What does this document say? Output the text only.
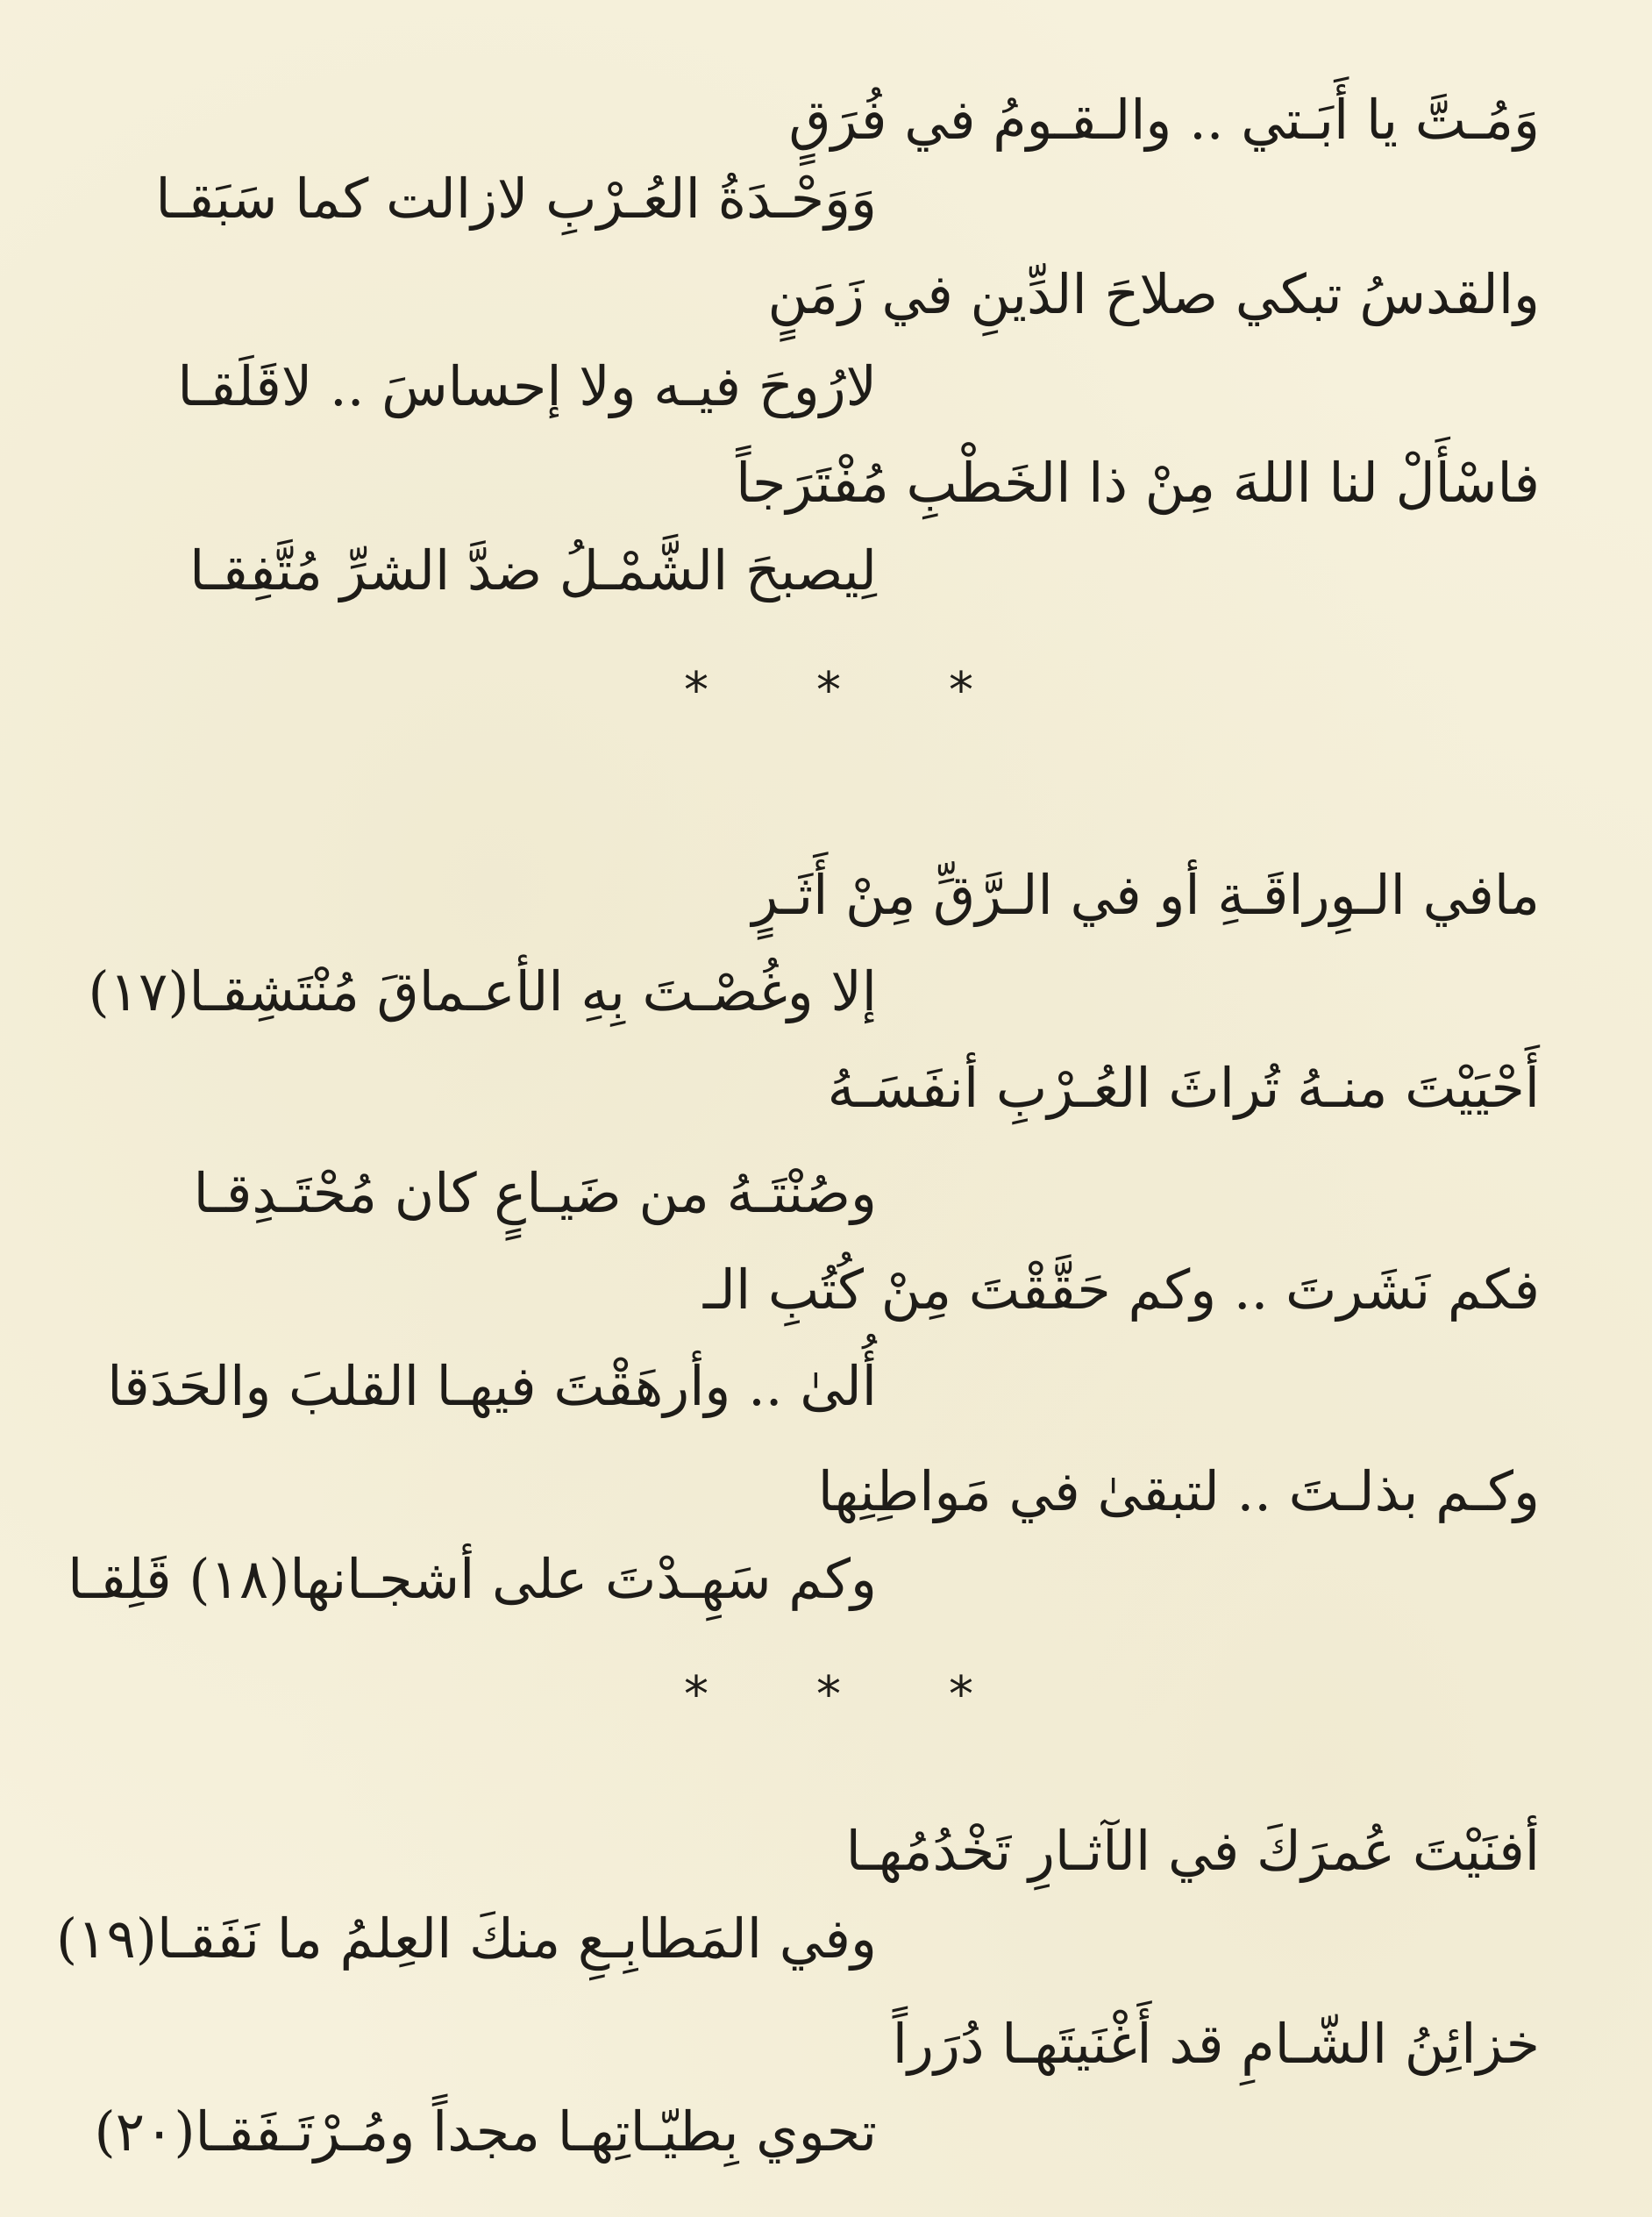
وَمُـتَّ يا أَبَـتي .. والـقـومُ في فُرَقٍ
وَوَحْـدَةُ العُـرْبِ لازالت كما سَبَقـا
والقدسُ تبكي صلاحَ الدِّينِ في زَمَنٍ
لارُوحَ فيـه ولا إحساسَ .. لاقَلَقـا
فاسْأَلْ لنا اللهَ مِنْ ذا الخَطْبِ مُفْتَرَجاً
لِيصبحَ الشَّمْـلُ ضدَّ الشرِّ مُتَّفِقـا
* * *
مافي الـوِراقَـةِ أو في الـرَّقِّ مِنْ أَثَـرٍ
إلا وغُصْـتَ بِهِ الأعـماقَ مُنْتَشِقـا(١٧)
أَحْيَيْتَ منـهُ تُراثَ العُـرْبِ أنفَسَـهُ
وصُنْتَـهُ من ضَيـاعٍ كان مُحْتَـدِقـا
فكم نَشَرتَ .. وكم حَقَّقْتَ مِنْ كُتُبِ الـ
أُلىٰ .. وأرهَقْتَ فيهـا القلبَ والحَدَقا
وكـم بذلـتَ .. لتبقىٰ في مَواطِنِها
وكم سَهِـدْتَ على أشجـانها(١٨) قَلِقـا
* * *
أفنَيْتَ عُمرَكَ في الآثـارِ تَخْدُمُهـا
وفي المَطابِـعِ منكَ العِلمُ ما نَفَقـا(١٩)
خزائِنُ الشّـامِ قد أَغْنَيتَهـا دُرَراً
تحوي بِطيّـاتِهـا مجداً ومُـرْتَـفَقـا(٢٠)
